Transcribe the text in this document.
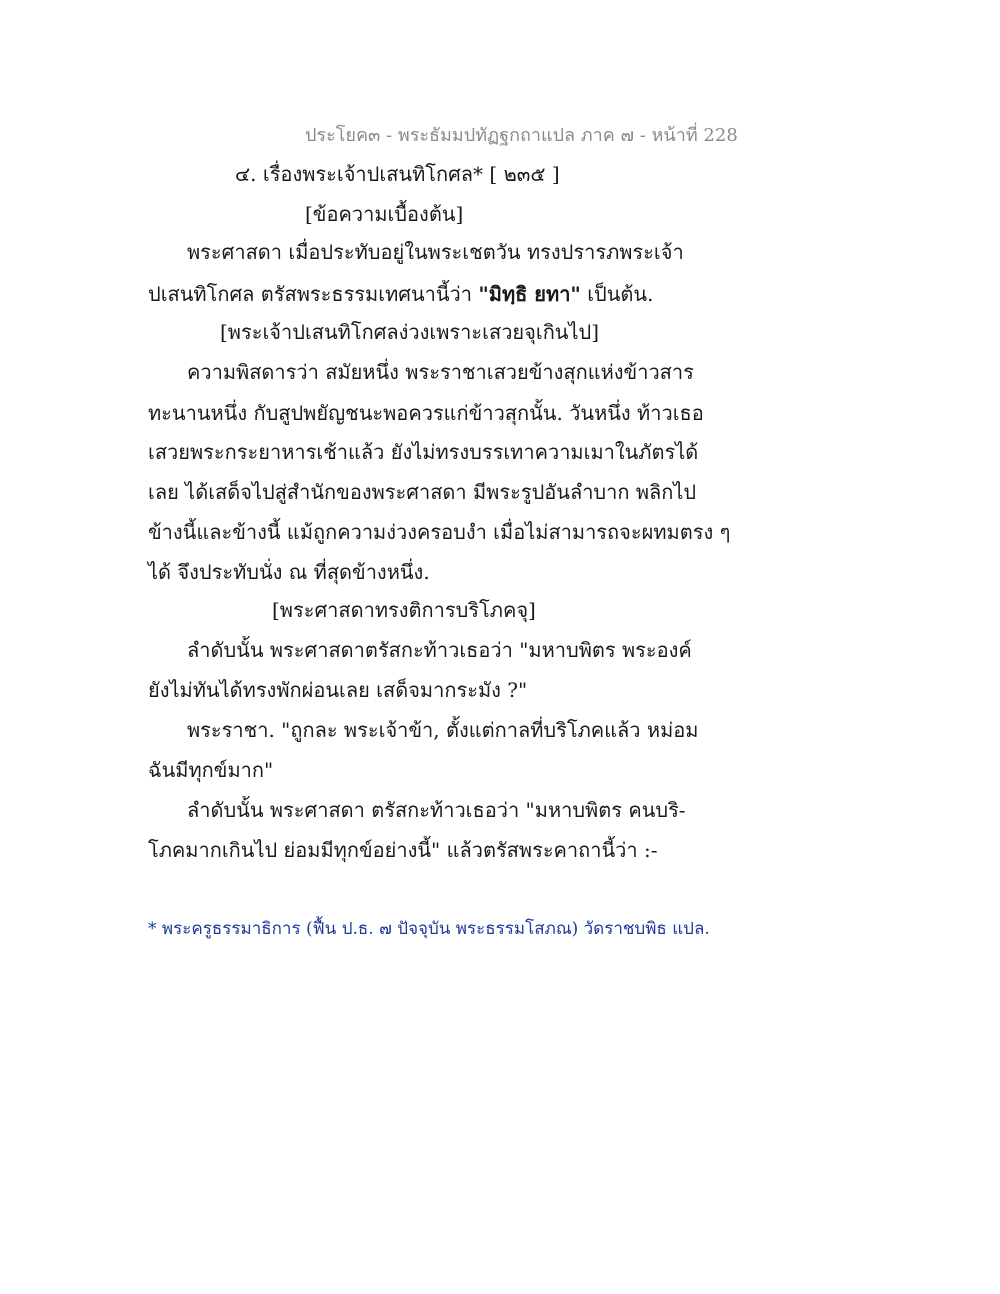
ประโยค๓ - พระธัมมปทัฏฐกถาแปล ภาค ๗ - หน้าที่ 228
๔. เรื่องพระเจ้าปเสนทิโกศล* [ ๒๓๕ ]
[ข้อความเบื้องต้น]
พระศาสดา เมื่อประทับอยู่ในพระเชตวัน ทรงปรารภพระเจ้า
ปเสนทิโกศล ตรัสพระธรรมเทศนานี้ว่า "มิทฺธิ ยทา" เป็นต้น.
[พระเจ้าปเสนทิโกศลง่วงเพราะเสวยจุเกินไป]
ความพิสดารว่า สมัยหนึ่ง พระราชาเสวยข้างสุกแห่งข้าวสาร
ทะนานหนึ่ง กับสูปพยัญชนะพอควรแก่ข้าวสุกนั้น. วันหนึ่ง ท้าวเธอ
เสวยพระกระยาหารเช้าแล้ว ยังไม่ทรงบรรเทาความเมาในภัตรได้
เลย ได้เสด็จไปสู่สำนักของพระศาสดา มีพระรูปอันลำบาก พลิกไป
ข้างนี้และข้างนี้ แม้ถูกความง่วงครอบงำ เมื่อไม่สามารถจะผทมตรง ๆ
ได้ จึงประทับนั่ง ณ ที่สุดข้างหนึ่ง.
[พระศาสดาทรงติการบริโภคจุ]
ลำดับนั้น พระศาสดาตรัสกะท้าวเธอว่า "มหาบพิตร พระองค์
ยังไม่ทันได้ทรงพักผ่อนเลย เสด็จมากระมัง ?"
พระราชา. "ถูกละ พระเจ้าข้า, ตั้งแต่กาลที่บริโภคแล้ว หม่อม
ฉันมีทุกข์มาก"
ลำดับนั้น พระศาสดา ตรัสกะท้าวเธอว่า "มหาบพิตร คนบริ-
โภคมากเกินไป ย่อมมีทุกข์อย่างนี้" แล้วตรัสพระคาถานี้ว่า :-
* พระครูธรรมาธิการ (ฟื้น ป.ธ. ๗ ปัจจุบัน พระธรรมโสภณ) วัดราชบพิธ แปล.
